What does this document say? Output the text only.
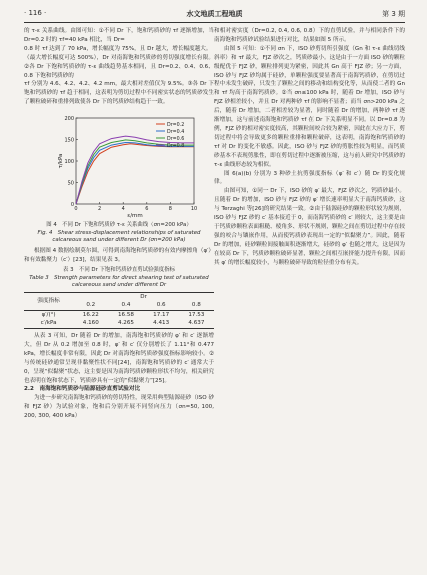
· 116 ·	水文地质工程地质	第 3 期

的 τ-ε 关系曲线。由图可知：①不同 Dr 下，饱和钙质砂的 τf 逐渐增加，当 Dr=0.2 时的 τf=40 kPa 相比，当 Dr=

0.8 时 τf 达到了 70 kPa，增长幅度为 75%，且 Dr 越大，增长幅度越大。

（最大增长幅度可达 500%），Dr 对南海饱和钙质砂的剪切强度增长有限。②各 Dr 下饱和钙质砂的 τ-ε 曲线趋势基本相同，且 Dr=0.2、0.4、0.6、0.8 下饱和钙质砂的

τf 分别为 4.6、4.2、4.2、4.2 mm，最大相对差值仅为 9.5%。③各 Dr 下饱和钙质砂的 τf 趋于相同，这表明为剪切过程中不同密实状态的钙质砂发生了颗粒破碎和重排列致使各 Dr 下的钙质砂结构趋于一致。

0	2	4	6	8	10
0
50
100
150
200
ε/mm
τ/kPa
Dr=0.2
Dr=0.4
Dr=0.6
Dr=0.8

图 4　不同 Dr 下饱和钙质砂 τ-ε 关系曲线（σn=200 kPa）

Fig. 4　Shear stress-displacement relationships of saturated calcareous sand under different Dr (σn=200 kPa)

根据图 4 数据绘制莫尔圆，可得到南海饱和钙质砂的有效内摩擦角（φ′）和有效黏聚力（c′）[23]，结果见表 3。

表 3　不同 Dr 下饱和钙质砂直剪试验强度指标

Table 3　Strength parameters for direct shearing test of saturated calcareous sand under different Dr

强度指标	Dr			
	0.2	0.4	0.6	0.8
φ′/(°)	16.22	16.58	17.17	17.53
c′/kPa	4.160	4.265	4.413	4.637

从表 3 可知，Dr 随着 Dr 的增加，南海饱和钙质砂的 φ′ 和 c′ 逐渐增大，但 Dr 从 0.2 增加至 0.8 时，φ′ 和 c′ 仅分别增长了 1.11°和 0.477 kPa，增长幅度非常有限，因此 Dr 对南海饱和钙质砂强度指标影响较小。②与传统硅砂通常呈现非黏聚性状不同[24]，南海饱和钙质砂的 c′ 通常大于 0，呈现“似黏聚”状态，这主要是因为南海钙质砂颗粒形状不均匀，相关研究也表明在饱和状态下，钙质砂具有一定的“似黏聚力”[25]。

2.2　南海饱和钙质砂与陆源硅砂直剪试验对比

为进一步研究南海饱和钙质砂的剪切特性，现采用典型陆源硅砂（ISO 砂和 FJZ 砂）为试验对象，饱和后分别开展不同竖向压力（σn=50, 100, 200, 300, 400 kPa）

和相对密实度（Dr=0.2, 0.4, 0.6, 0.8）下的直剪试验，并与相同条件下的南海饱和钙质砂试验结果进行对比，结果如图 5 所示。

由图 5 可知：①不同 σn 下，ISO 砂剪切所引强度（Gn 和 τ-ε 曲线切线斜率）和 τf 最大，FJZ 砂次之，钙质砂最小。这是由于一方面 ISO 砂的颗粒级配优于 FJZ 砂，颗粒排列更为紧密，因此其 Gn 高于 FJZ 砂；另一方面，ISO 砂与 FJZ 砂均属于硅砂，单颗粒强度要显著高于南海钙质砂，在剪切过程中未发生破碎，只发生了颗粒之间的移动和结构变化等，从而使二者的 Gn 和 τf 均高于南海钙质砂。②当 σn≤100 kPa 时，随着 Dr 增加，ISO 砂与 FJZ 砂相差较小，并且 Dr 对两种砂 τf 的影响不显著；而当 σn>200 kPa 之后，随着 Dr 增加，二者相差较为显著，同时随着 Dr 的增加，两种砂 τf 逐渐增加，这与前述南海饱和钙质砂 τf 在 Dr 下关系明显不同。以 Dr=0.8 为例，FJZ 砂的相对密实度较高，其颗粒间咬合较为紧密，因此在大应力下，剪切过程中将会导致更多的颗粒重排和颗粒破碎，这表明，南海饱和钙质砂的 τf 对 Dr 的变化不敏感。因此，ISO 砂与 FJZ 砂的剪胀性较为明显，而钙质砂基本不表现剪胀性，即在剪切过程中逐渐被压缩，这与前人研究中钙质砂的 τ-ε 曲线形态较为相似。

图 6(a)(b) 分别为 3 种砂土抗剪强度指标（φ′ 和 c′）随 Dr 的变化规律。

由图可知，①同一 Dr 下，ISO 砂的 φ′ 最大，FJZ 砂次之，钙质砂最小。且随着 Dr 的增加，ISO 砂与 FJZ 砂的 φ′ 增长速率明显大于南海钙质砂，这与 Terzaghi 等[26]的研究结果一致。②由于陆源硅砂的颗粒形状较为规则，ISO 砂与 FJZ 砂的 c′ 基本接近于 0，而南海钙质砂的 c′ 则较大，这主要是由于钙质砂颗粒表面粗糙、棱角多、形状不规则，颗粒之间在剪切过程中存在较强的咬合与镶嵌作用，从而使钙质砂表现出一定的“似黏聚力”。因此，随着 Dr 的增加，硅砂颗粒间接触面积逐渐增大，硅砂的 φ′ 也随之增大，这是因为在较高 Dr 下，钙质砂颗粒破碎显著，颗粒之间相互嵌挤能力提升有限，因而其 φ′ 的增长幅度较小，与颗粒破碎导致的粒径重分布有关。
